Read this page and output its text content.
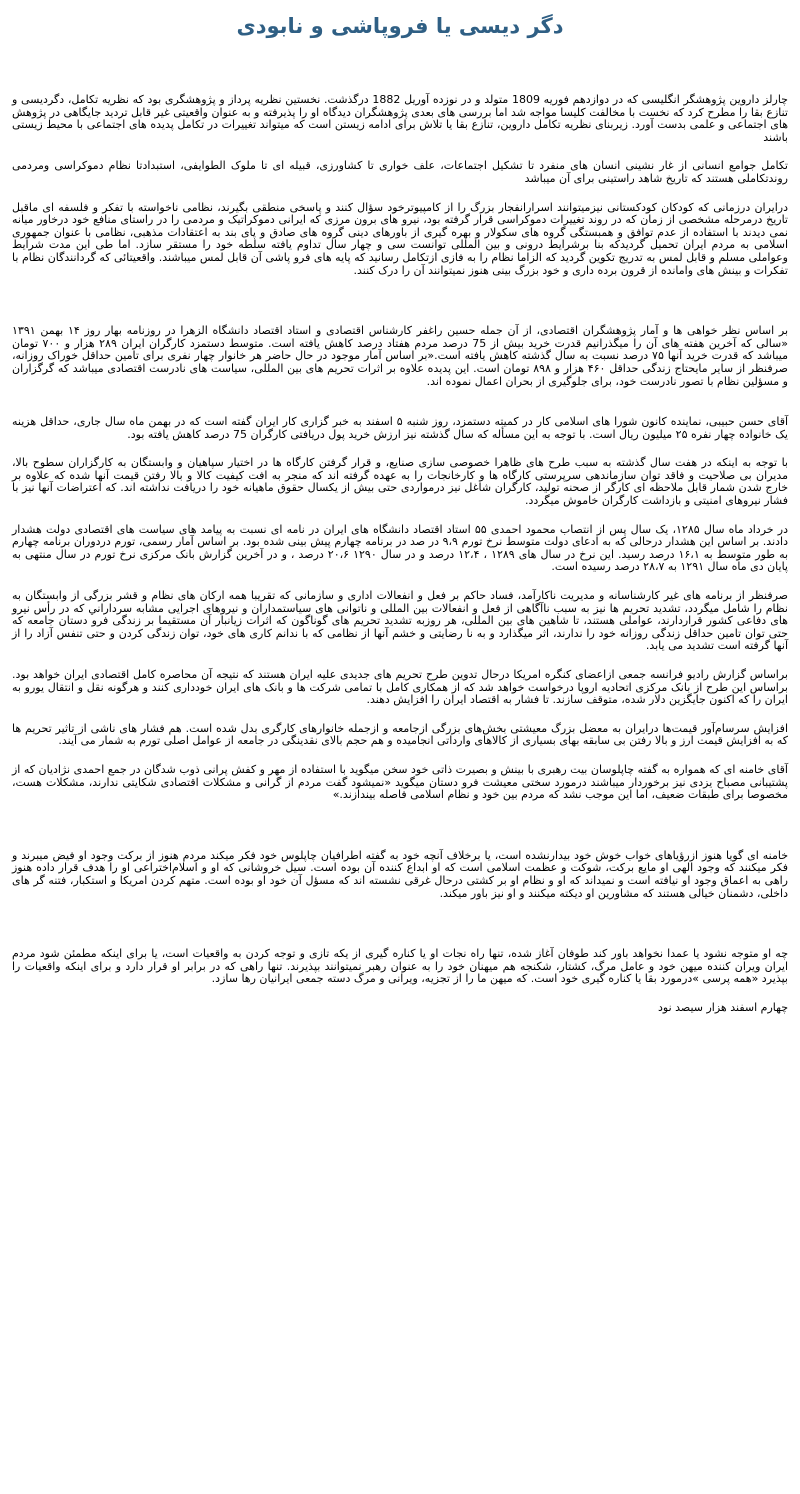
دگر دیسی یا فروپاشی و نابودی

چارلز داروین پژوهشگر انگلیسی که در دوازدهم فوریه 1809 متولد و در نوزده آوریل 1882 درگذشت. نخستین نظریه پرداز و پژوهشگری بود که نظریه تکامل، دگردیسی و تنازع بقا را مطرح کرد که نخست با مخالفت کلیسا مواجه شد اما بررسی های بعدی پژوهشگران دیدگاه او را پذیرفته و به عنوان واقعیتی غیر قابل تردید جایگاهی در پژوهش های اجتماعی و علمی بدست آورد. زیربنای نظریه تکامل داروین، تنازع بقا یا تلاش برای ادامه زیستن است که میتواند تغییرات در تکامل پدیده های اجتماعی با محیط زیستی باشند

تکامل جوامع انسانی از غار نشینی انسان های منفرد تا تشکیل اجتماعات، علف خواری تا کشاورزی، قبیله ای تا ملوک الطوایفی، استبدادتا نظام دموکراسی ومردمی روندتکاملی هستند که تاریخ شاهد راستینی برای آن میباشد

درایران درزمانی که کودکان کودکستانی نیزمیتوانند اسرارانفجار بزرگ را از کامپیوترخود سؤال کنند و پاسخی منطقی بگیرند، نظامی ناخواسته با تفکر و فلسفه ای ماقبل تاریخ درمرحله مشخصی از زمان که در روند تغییرات دموکراسی قرار گرفته بود، نیرو های برون مرزی که ایرانی دموکراتیک و مردمی را در راستای منافع خود درخاور میانه نمی دیدند با استفاده از عدم توافق و همبستگی گروه های سکولار و بهره گیری از باورهای دینی گروه های صادق و پای بند به اعتقادات مذهبی، نظامی با عنوان جمهوری اسلامی به مردم ایران تحمیل گردیدکه بنا برشرایط درونی و بین المللی توانست سی و چهار سال تداوم یافته سلطه خود را مستقر سازد. اما طی این مدت شرایط وعواملی مسلم و قابل لمس به تدریج تکوین گردید که الزاما نظام را به فازی ازتکامل رسانید که پایه های فرو پاشی آن قابل لمس میباشند. واقعیتائی که گردانندگان نظام با تفکرات و بینش های وامانده از قرون برده داری و خود بزرگ بینی هنوز نمیتوانند آن را درک کنند.

بر اساس نظر خواهی ها و آمار پژوهشگران اقتصادی، از آن جمله حسین راغفر کارشناس اقتصادی و استاد اقتصاد دانشگاه الزهرا در روزنامه بهار روز ۱۴ بهمن ۱۳۹۱ «سالی که آخرین هفته های آن را میگذرانیم قدرت خرید بیش از 75 درصد مردم هفتاد درصد کاهش یافته است. متوسط دستمزد کارگران ایران ۲۸۹ هزار و ۷۰۰ تومان میباشد که قدرت خرید آنها ۷۵ درصد نسبت به سال گذشته کاهش یافته است.«بر اساس آمار موجود در حال حاضر هر خانوار چهار نفری برای تامین حداقل خوراک روزانه، صرفنظر از سایر مایحتاج زندگی حداقل ۴۶۰ هزار و ۸۹۸ تومان است. این پدیده علاوه بر اثرات تحریم های بین المللی، سیاست های نادرست اقتصادی میباشد که گرگزاران و مسؤلین نظام با تصور نادرست خود، برای جلوگیری از بحران اعمال نموده اند.

آقای حسن حبیبی، نماینده کانون شورا های اسلامی کار در کمیته دستمزد، روز شنبه ۵ اسفند به خبر گزاری کار ایران گفته است که در بهمن ماه سال جاری، حداقل هزینه یک خانواده چهار نفره ۲۵ میلیون ریال است. با توجه به این مسأله که سال گذشته نیز ارزش خرید پول دریافتی کارگران 75 درصد کاهش یافته بود.

با توجه به اینکه در هفت سال گذشته به سبب طرح های ظاهرا خصوصی سازی صنایع، و قرار گرفتن کارگاه ها در اختیار سپاهیان و وابستگان به کارگزاران سطوح بالا، مدیران بی صلاحیت و فاقد توان سازماندهی سرپرستی کارگاه ها و کارخانجات را به عهده گرفته اند که منجر به افت کیفیت کالا و بالا رفتن قیمت آنها شده که علاوه بر خارج شدن شمار قابل ملاحظه ای کارگر از صحنه تولید، کارگران شاغل نیز درمواردی حتی بیش از یکسال حقوق ماهیانه خود را دریافت نداشته اند. که اعتراضات آنها نیز با فشار نیروهای امنیتی و بازداشت کارگران خاموش میگردد.

در خرداد ماه سال ۱۲۸۵، یک سال پس از انتصاب محمود احمدی ۵۵ استاد اقتصاد دانشگاه های ایران در نامه ای نسبت به پیامد های سیاست های اقتصادی دولت هشدار دادند. بر اساس این هشدار درحالی که به ادعای دولت متوسط نرخ تورم ۹،۹ در صد در برنامه چهارم پیش بینی شده بود. بر اساس آمار رسمی، تورم دردوران برنامه چهارم به طور متوسط به ۱۶،۱ درصد رسید. این نرخ در سال های ۱۲۸۹ ، ۱۲،۴ درصد و در سال ۱۲۹۰ ۲۰،۶ درصد ، و در آخرین گزارش بانک مرکزی نرخ تورم در سال منتهی به پایان دی ماه سال ۱۲۹۱ به ۲۸،۷ درصد رسیده است.

صرفنظر از برنامه های غیر کارشناسانه و مدیریت ناکارآمد، فساد حاکم بر فعل و انفعالات اداری و سازمانی که تقریبا همه ارکان های نظام و قشر بزرگی از وابستگان به نظام را شامل میگردد، تشدید تحریم ها نیز به سبب ناآگاهی از فعل و انفعالات بین المللی و ناتوانی های سیاستمداران و نیروهای اجرایی مشابه سرداراني که در رأس نیرو های دفاعی کشور قراردارند، عواملی هستند، تا شاهین های بین المللی، هر روزبه تشدید تحریم های گوناگون که اثرات زیانبار آن مستقیما بر زندگی فرو دستان جامعه که حتی توان تامین حداقل زندگی روزانه خود را ندارند، اثر میگذارد و به نا رضایتی و خشم آنها از نظامی که با ندانم کاری های خود، توان زندگی کردن و حتی تنفس آزاد را از آنها گرفته است تشدید می یابد.

براساس گزارش رادیو فرانسه جمعی ازاعضای کنگره امریکا درحال تدوین طرح تحریم های جدیدی علیه ایران هستند که نتیجه آن محاصره کامل اقتصادی ایران خواهد بود. براساس این طرح از بانک مرکزی اتحادیه اروپا درخواست خواهد شد که از همکاری کامل با تمامی شرکت ها و بانک های ایران خودداری کنند و هرگونه نقل و انتقال یورو به ایران را که اکنون جایگزین دلار شده، متوقف سازند. تا فشار به اقتصاد ایران را افزایش دهند.

افزایش سرسام‌آور قیمت‌ها درایران به معضل بزرگ معیشتی بخش‌های بزرگی ازجامعه و ازجمله خانوارهای کارگری بدل شده است. هم فشار های ناشی از تاثیر تحریم ها که به افزایش قیمت ارز و بالا رفتن بی سابقه بهای بسیاری از کالاهای وارداتی انجامیده و هم حجم بالای نقدینگی در جامعه از عوامل اصلی تورم به شمار می آیند.

آقای خامنه ای که همواره به گفته چاپلوسان بیت رهبری با بینش و بصیرت ذاتی خود سخن میگوید با استفاده از مهر و کفش پرانی ذوب شدگان در جمع احمدی نژادیان که از پشتیبانی مصباح یزدی نیز برخوردار میباشند درمورد سختی معیشت فرو دستان میگوید «نمیشود گفت مردم از گرانی و مشکلات اقتصادی شکایتی ندارند، مشکلات هست، مخصوصا برای طبقات ضعیف، اما این موجب نشد که مردم بین خود و نظام اسلامی فاصله بیندازند.»

خامنه ای گویا هنوز ازرؤیاهای خواب خوش خود بیدارنشده است، یا برخلاف آنچه خود به گفته اطرافیان چاپلوس خود فکر میکند مردم هنوز از برکت وجود او فیض میبرند و فکر میکنند که وجود الهی او مایع برکت، شوکت و عظمت اسلامی است که او ابداع کننده آن بوده است. سیل خروشانی که او و اسلام‌اختراعی او را هدف قرار داده هنوز راهی به اعماق وجود او نیافته است و نمیداند که او و نظام او بر کشتی درحال غرقی نشسته اند که مسؤل آن خود او بوده است. متهم کردن امریکا و استکبار، فتنه گر های داخلی، دشمنان خیالی هستند که مشاورین او دیکته میکنند و او نیز باور میکند.

چه او متوجه نشود یا عمدا نخواهد باور کند طوفان آغاز شده، تنها راه نجات او یا کناره گیری از یکه تازی و توجه کردن به واقعیات است، یا برای اینکه مطمئن شود مردم ایران ویران کننده میهن خود و عامل مرگ، کشتار، شکنجه هم میهنان خود را به عنوان رهبر نمیتوانند بپذیرند. تنها راهی که در برابر او قرار دارد و برای اینکه واقعیات را بپذیرد «همه پرسی »درمورد بقا یا کناره گیری خود است. که میهن ما را از تجزیه، ویرانی و مرگ دسته جمعی ایرانیان رها سازد.

چهارم اسفند هزار سیصد نود
